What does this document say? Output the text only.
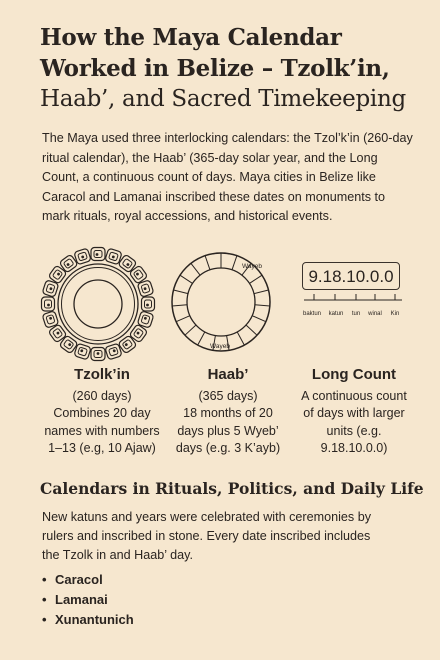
How the Maya Calendar
Worked in Belize – Tzolk’in,
Haab’, and Sacred Timekeeping

The Maya used three interlocking calendars: the Tzol’k’in (260-day ritual calendar), the Haab’ (365-day solar year, and the Long Count, a continuous count of days. Maya cities in Belize like Caracol and Lamanai inscribed these dates on monuments to mark rituals, royal accessions, and historical events.

Wayeb
Wayeb
9.18.10.0.0
baktun katun tun winal Kin
Tzolk’in
(260 days)
Combines 20 day names with numbers 1–13 (e.g, 10 Ajaw)
Haab’
(365 days)
18 months of 20 days plus 5 Wyeb’ days (e.g. 3 K’ayb)
Long Count
A continuous count of days with larger units (e.g. 9.18.10.0.0)
Calendars in Rituals, Politics, and Daily Life

New katuns and years were celebrated with ceremonies by rulers and inscribed in stone. Every date inscribed includes the Tzolk in and Haab’ day.

• Caracol
• Lamanai
• Xunantunich
